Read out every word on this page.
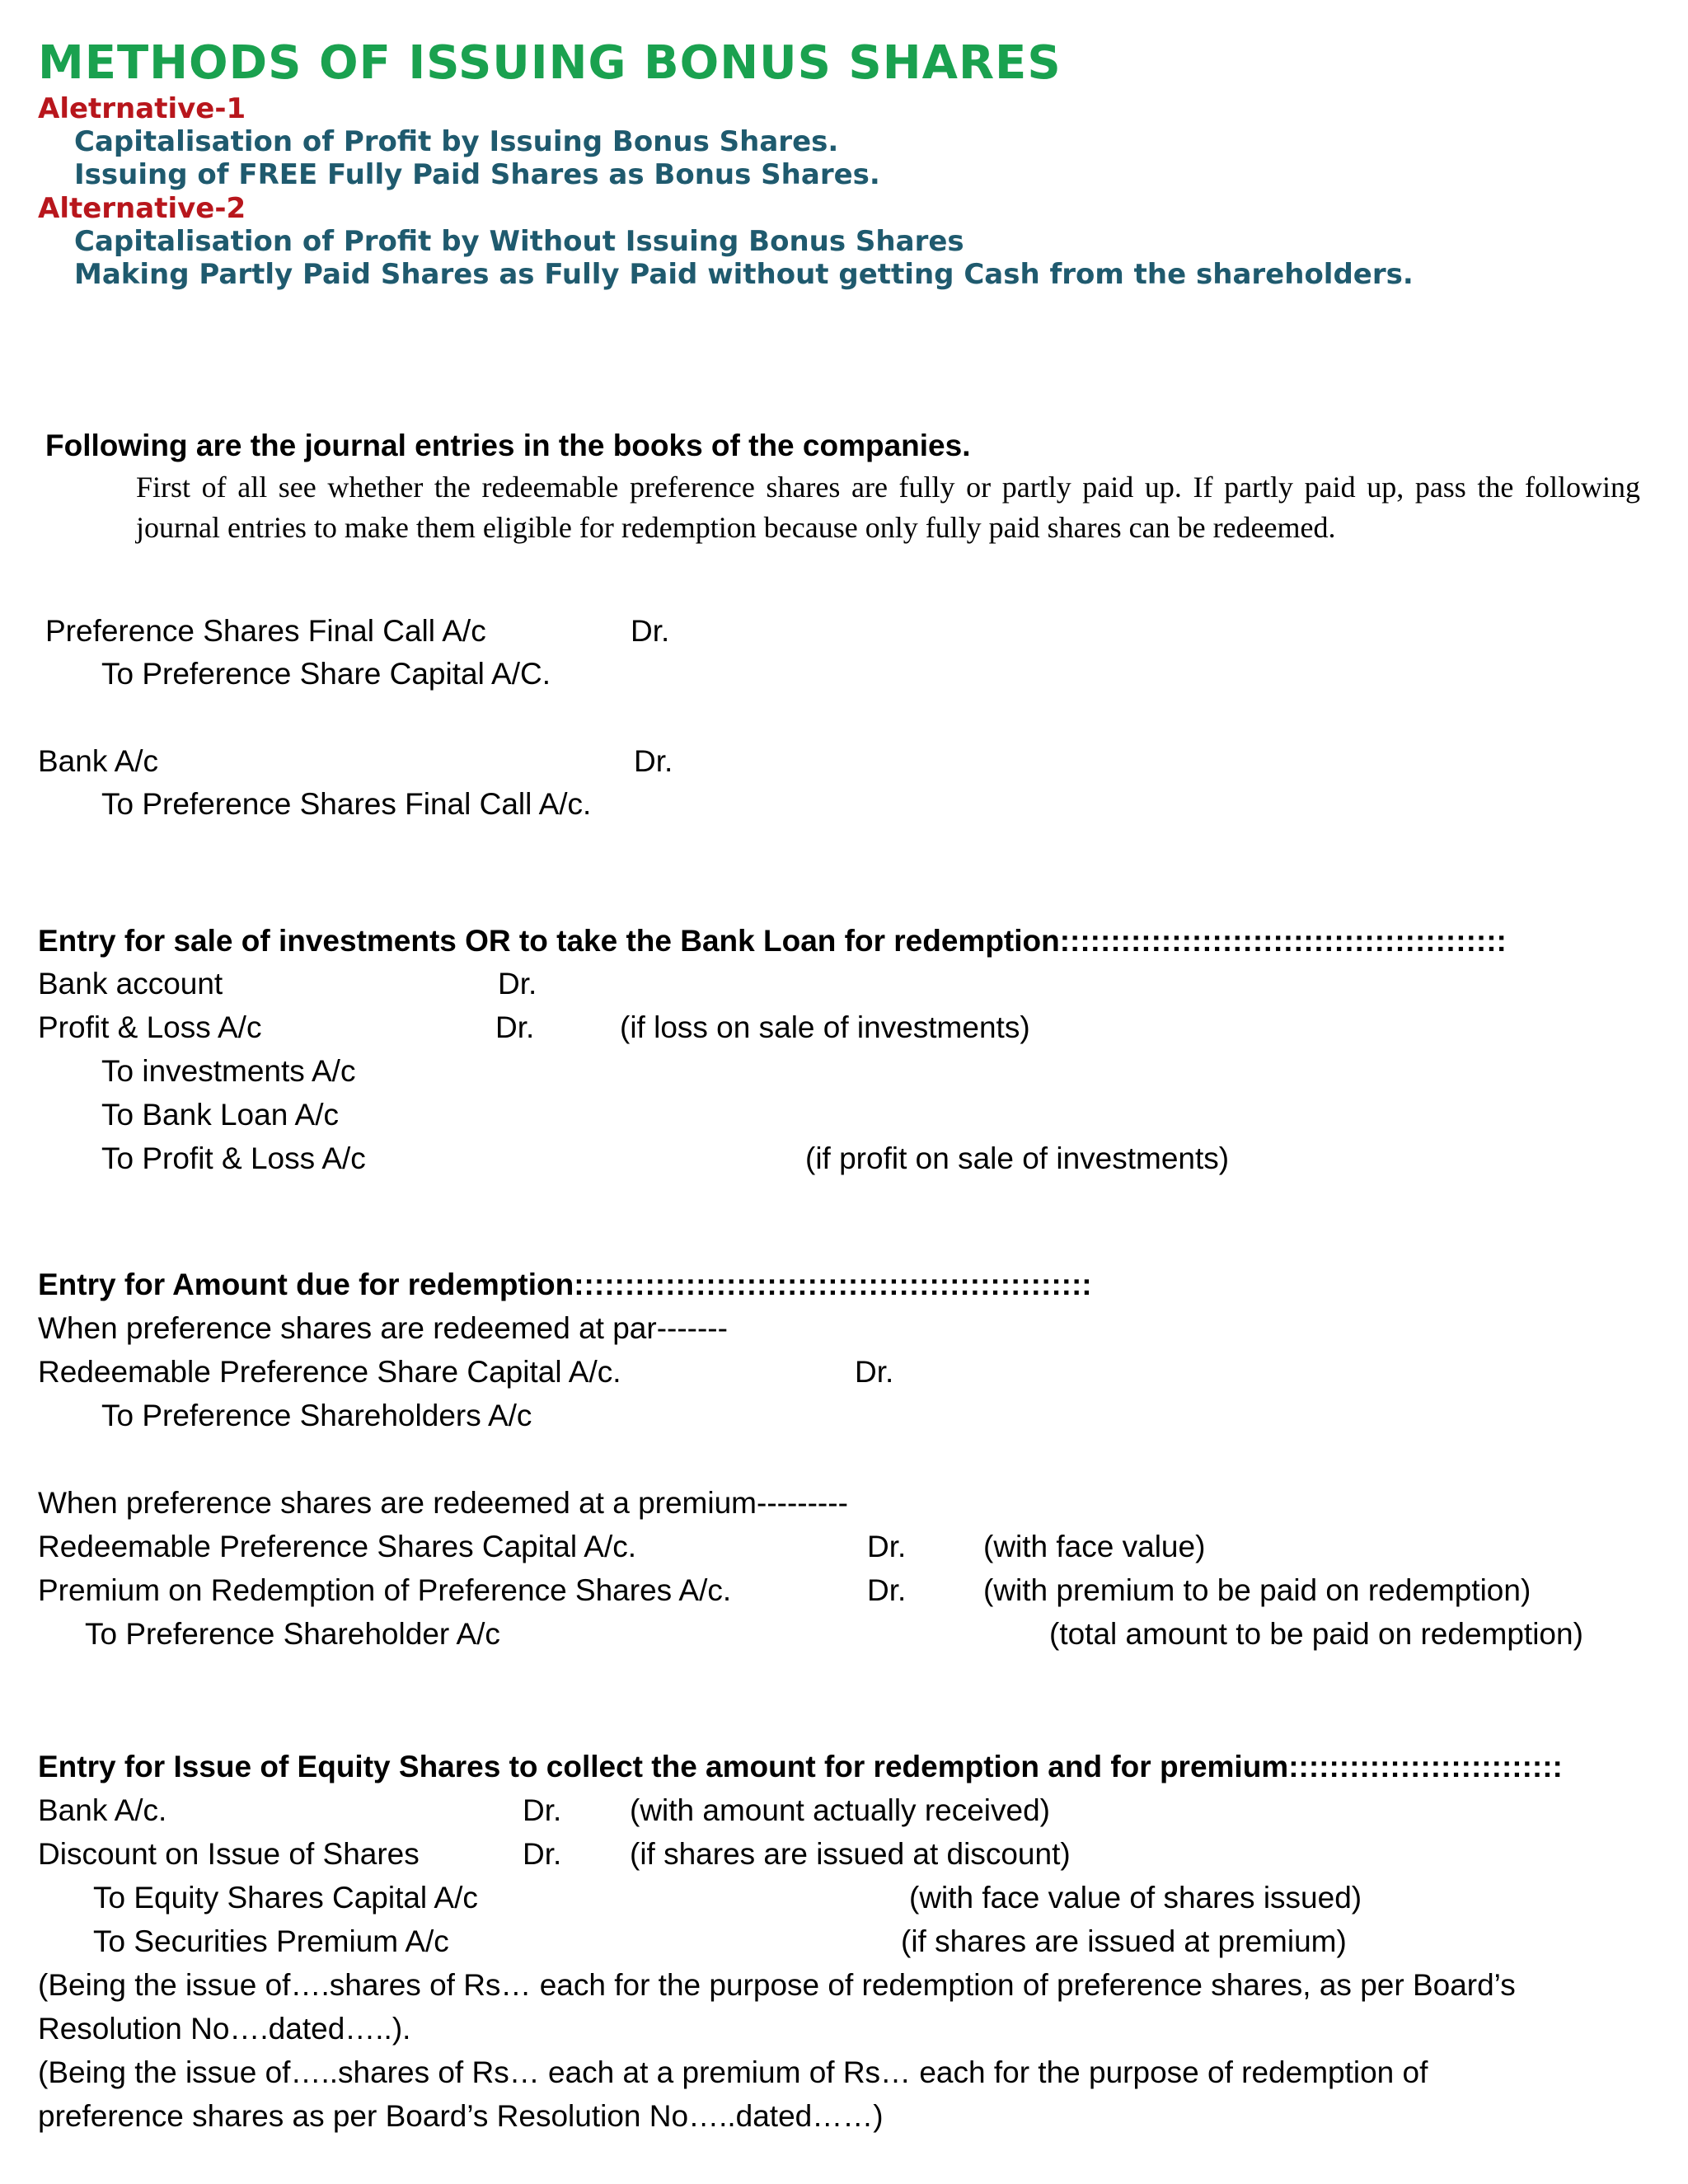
METHODS OF ISSUING BONUS SHARES
Aletrnative-1
Capitalisation of Profit by Issuing Bonus Shares.
Issuing of FREE Fully Paid Shares as Bonus Shares.
Alternative-2
Capitalisation of Profit by Without Issuing Bonus Shares
Making Partly Paid Shares as Fully Paid without getting Cash from the shareholders.
Following are the journal entries in the books of the companies.
First of all see whether the redeemable preference shares are fully or partly paid up. If partly paid up, pass the following journal entries to make them eligible for redemption because only fully paid shares can be redeemed.
Preference Shares Final Call A/c	Dr.
To Preference Share Capital A/C.
Bank A/c	Dr.
To Preference Shares Final Call A/c.
Entry for sale of investments OR to take the Bank Loan for redemption::::::::::::::::::::::::::::::::::::::::::::
Bank account	Dr.
Profit & Loss A/c	Dr.	(if loss on sale of investments)
To investments A/c
To Bank Loan A/c
To Profit & Loss A/c	(if profit on sale of investments)
Entry for Amount due for redemption:::::::::::::::::::::::::::::::::::::::::::::::::::
When preference shares are redeemed at par-------
Redeemable Preference Share Capital A/c.	Dr.
To Preference Shareholders A/c
When preference shares are redeemed at a premium---------
Redeemable Preference Shares Capital A/c.	Dr.	(with face value)
Premium on Redemption of Preference Shares A/c.	Dr.	(with premium to be paid on redemption)
To Preference Shareholder A/c	(total amount to be paid on redemption)
Entry for Issue of Equity Shares to collect the amount for redemption and for premium:::::::::::::::::::::::::::
Bank A/c.	Dr. (with amount actually received)
Discount on Issue of Shares	Dr. (if shares are issued at discount)
To Equity Shares Capital A/c	(with face value of shares issued)
To Securities Premium A/c	(if shares are issued at premium)
(Being the issue of….shares of Rs… each for the purpose of redemption of preference shares, as per Board’s
Resolution No….dated…..).
(Being the issue of…..shares of Rs… each at a premium of Rs… each for the purpose of redemption of
preference shares as per Board’s Resolution No…..dated……)
